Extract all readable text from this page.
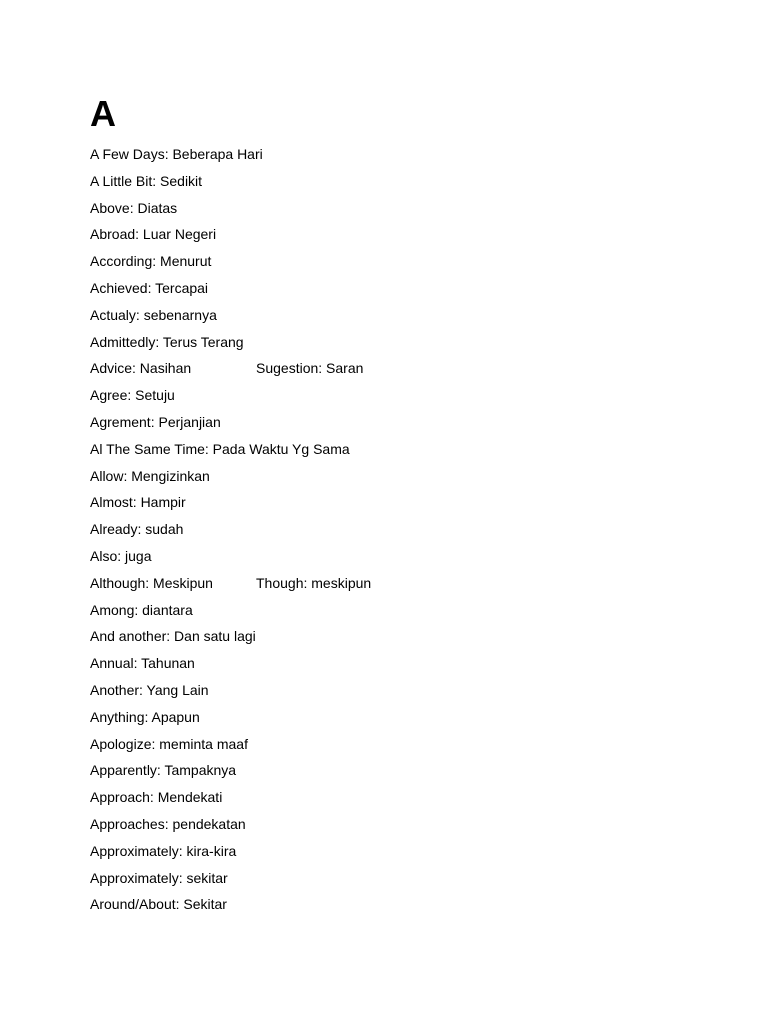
A
A Few Days: Beberapa Hari
A Little Bit: Sedikit
Above: Diatas
Abroad: Luar Negeri
According: Menurut
Achieved: Tercapai
Actualy: sebenarnya
Admittedly: Terus Terang
Advice: Nasihan	Sugestion: Saran
Agree: Setuju
Agrement: Perjanjian
Al The Same Time: Pada Waktu Yg Sama
Allow: Mengizinkan
Almost: Hampir
Already: sudah
Also: juga
Although: Meskipun	Though: meskipun
Among: diantara
And another: Dan satu lagi
Annual: Tahunan
Another: Yang Lain
Anything: Apapun
Apologize: meminta maaf
Apparently: Tampaknya
Approach: Mendekati
Approaches: pendekatan
Approximately: kira-kira
Approximately: sekitar
Around/About: Sekitar
